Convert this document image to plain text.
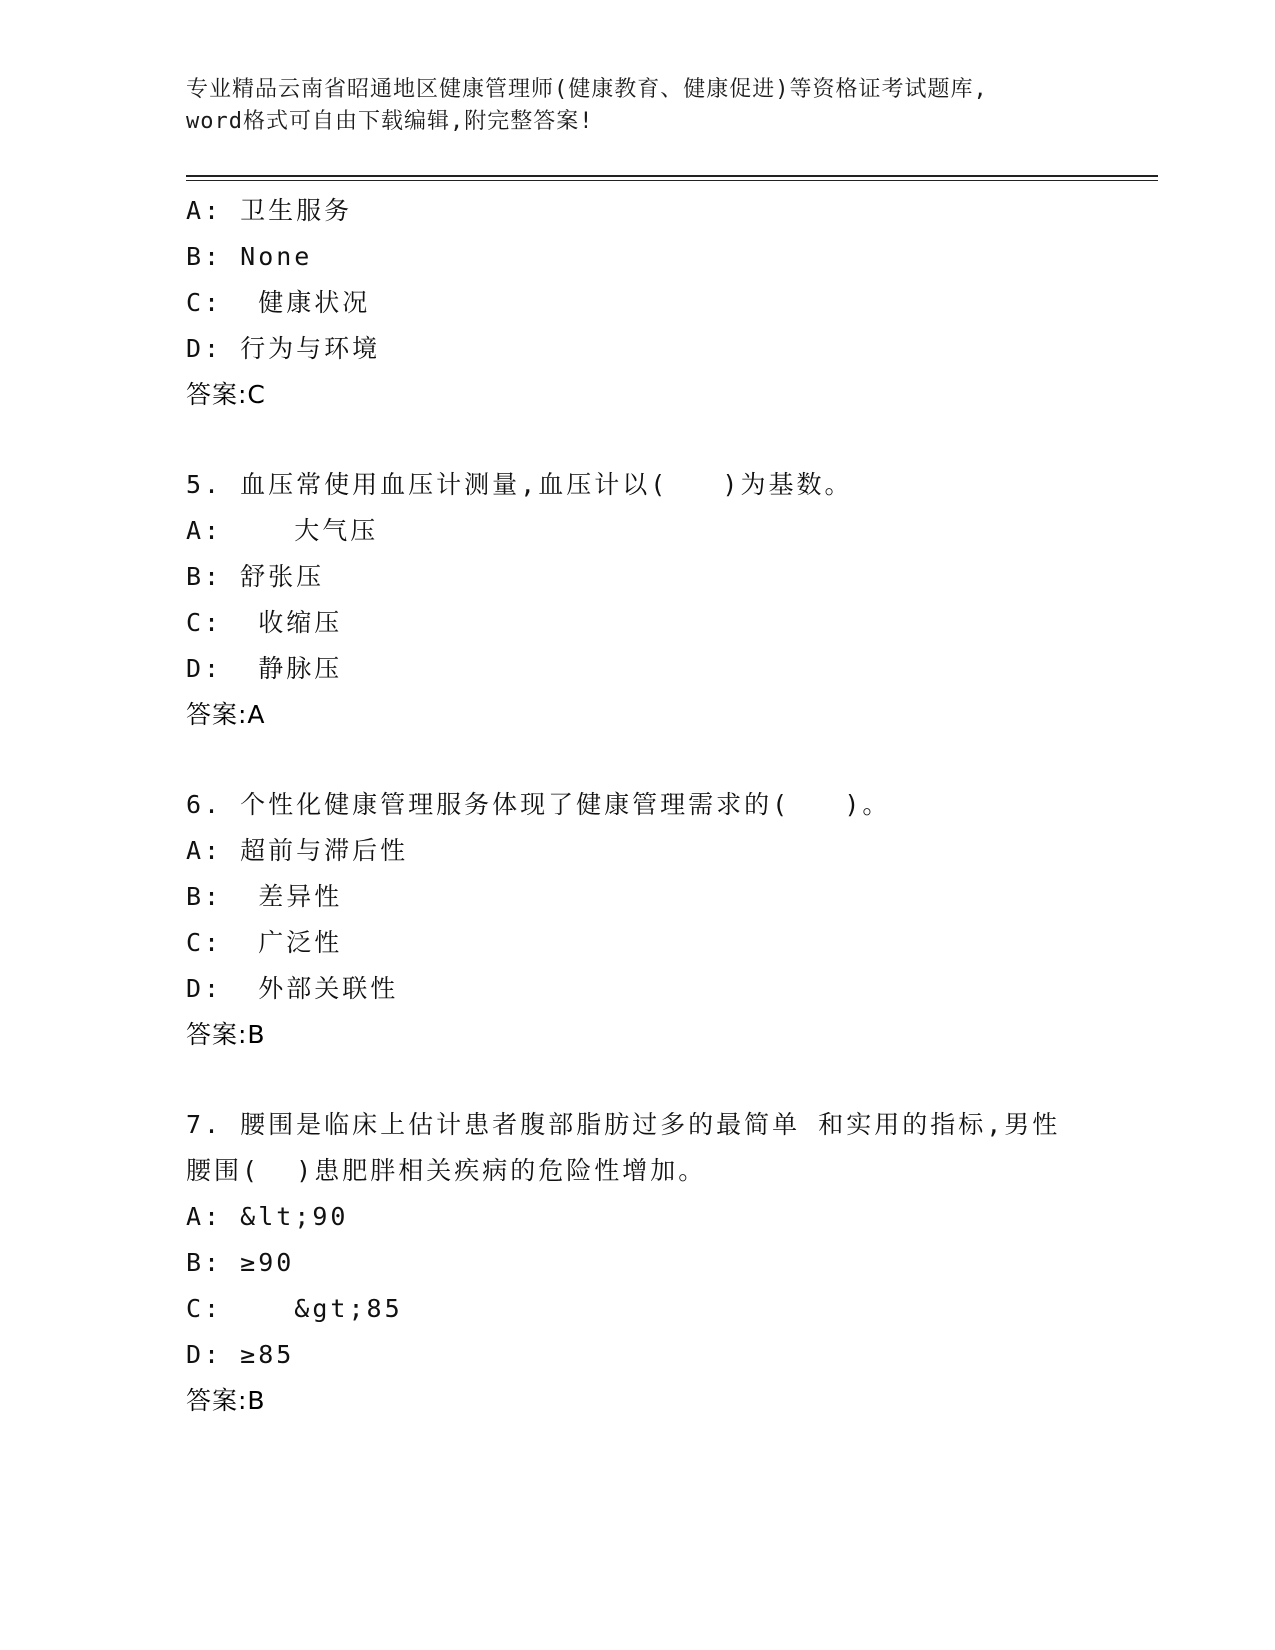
专业精品云南省昭通地区健康管理师(健康教育、健康促进)等资格证考试题库,
word格式可自由下载编辑,附完整答案!
A: 卫生服务
B: None
C:  健康状况
D: 行为与环境
答案:C
5. 血压常使用血压计测量,血压计以(   )为基数。
A:    大气压
B: 舒张压
C:  收缩压
D:  静脉压
答案:A
6. 个性化健康管理服务体现了健康管理需求的(   )。
A: 超前与滞后性
B:  差异性
C:  广泛性
D:  外部关联性
答案:B
7. 腰围是临床上估计患者腹部脂肪过多的最简单 和实用的指标,男性
腰围(  )患肥胖相关疾病的危险性增加。
A: &lt;90
B: ≥90
C:    &gt;85
D: ≥85
答案:B
